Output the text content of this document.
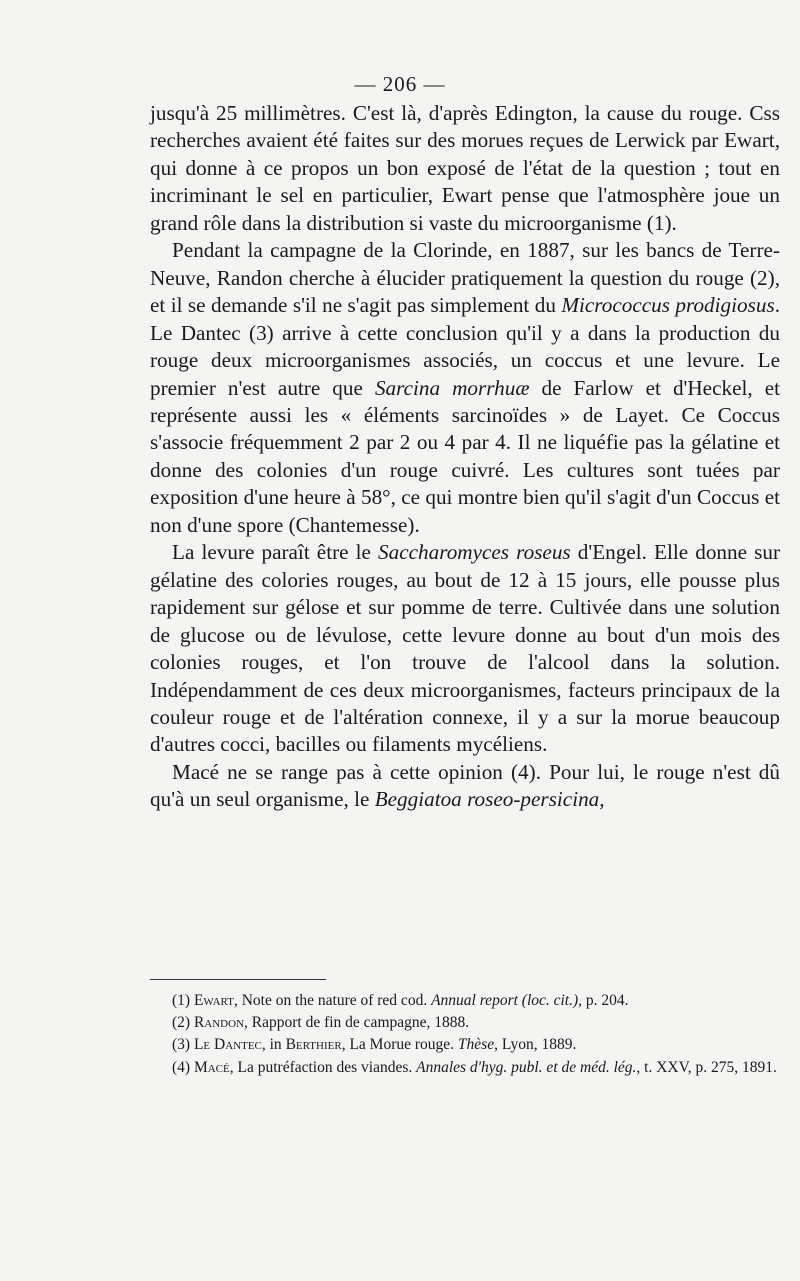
— 206 —

jusqu'à 25 millimètres. C'est là, d'après Edington, la cause du rouge. Css recherches avaient été faites sur des morues reçues de Lerwick par Ewart, qui donne à ce propos un bon exposé de l'état de la question ; tout en incriminant le sel en particulier, Ewart pense que l'atmosphère joue un grand rôle dans la distribution si vaste du microorganisme (1).

Pendant la campagne de la Clorinde, en 1887, sur les bancs de Terre-Neuve, Randon cherche à élucider pratiquement la question du rouge (2), et il se demande s'il ne s'agit pas simplement du Micrococcus prodigiosus. Le Dantec (3) arrive à cette conclusion qu'il y a dans la production du rouge deux microorganismes associés, un coccus et une levure. Le premier n'est autre que Sarcina morrhuæ de Farlow et d'Heckel, et représente aussi les « éléments sarcinoïdes » de Layet. Ce Coccus s'associe fréquemment 2 par 2 ou 4 par 4. Il ne liquéfie pas la gélatine et donne des colonies d'un rouge cuivré. Les cultures sont tuées par exposition d'une heure à 58°, ce qui montre bien qu'il s'agit d'un Coccus et non d'une spore (Chantemesse).

La levure paraît être le Saccharomyces roseus d'Engel. Elle donne sur gélatine des colories rouges, au bout de 12 à 15 jours, elle pousse plus rapidement sur gélose et sur pomme de terre. Cultivée dans une solution de glucose ou de lévulose, cette levure donne au bout d'un mois des colonies rouges, et l'on trouve de l'alcool dans la solution. Indépendamment de ces deux microorganismes, facteurs principaux de la couleur rouge et de l'altération connexe, il y a sur la morue beaucoup d'autres cocci, bacilles ou filaments mycéliens.

Macé ne se range pas à cette opinion (4). Pour lui, le rouge n'est dû qu'à un seul organisme, le Beggiatoa roseo-persicina,

(1) Ewart, Note on the nature of red cod. Annual report (loc. cit.), p. 204.

(2) Randon, Rapport de fin de campagne, 1888.

(3) Le Dantec, in Berthier, La Morue rouge. Thèse, Lyon, 1889.

(4) Macé, La putréfaction des viandes. Annales d'hyg. publ. et de méd. lég., t. XXV, p. 275, 1891.
